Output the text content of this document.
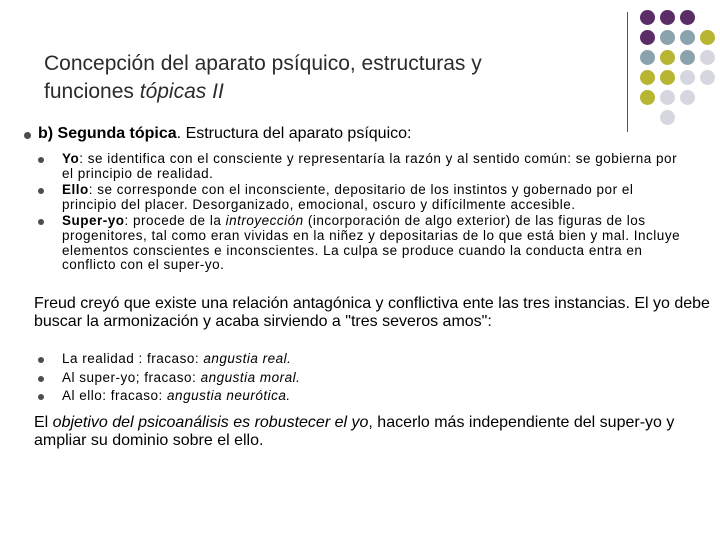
Concepción del aparato psíquico, estructuras y
funciones tópicas II
b) Segunda tópica. Estructura del aparato psíquico:
Yo: se identifica con el consciente y representaría la razón y al sentido común: se gobierna por el principio de realidad.
Ello: se corresponde con el inconsciente, depositario de los instintos y gobernado por el principio del placer. Desorganizado, emocional, oscuro y difícilmente accesible.
Super-yo: procede de la introyección (incorporación de algo exterior) de las figuras de los progenitores, tal como eran vividas en la niñez y depositarias de lo que está bien y mal. Incluye elementos conscientes e inconscientes. La culpa se produce cuando la conducta entra en conflicto con el super-yo.
Freud creyó que existe una relación antagónica y conflictiva ente las tres instancias. El yo debe buscar la armonización y acaba sirviendo a "tres severos amos":
La realidad : fracaso: angustia real.
Al super-yo; fracaso: angustia moral.
Al ello: fracaso: angustia neurótica.
El objetivo del psicoanálisis es robustecer el yo, hacerlo más independiente del super-yo y ampliar su dominio sobre el ello.
